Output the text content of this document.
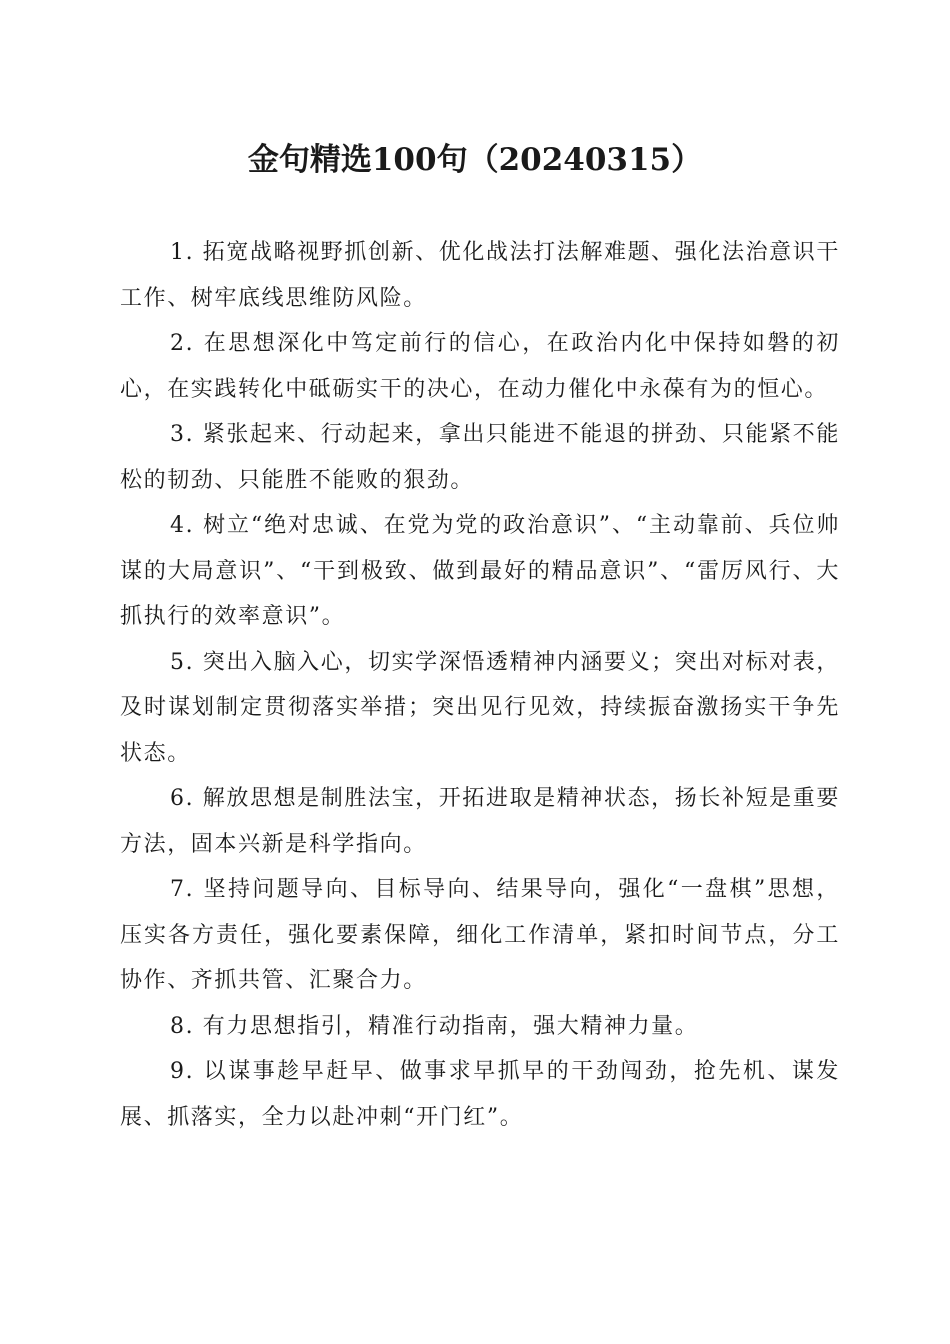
金句精选100句（20240315）

1. 拓宽战略视野抓创新、优化战法打法解难题、强化法治意识干工作、树牢底线思维防风险。

2. 在思想深化中笃定前行的信心，在政治内化中保持如磐的初心，在实践转化中砥砺实干的决心，在动力催化中永葆有为的恒心。

3. 紧张起来、行动起来，拿出只能进不能退的拼劲、只能紧不能松的韧劲、只能胜不能败的狠劲。

4. 树立“绝对忠诚、在党为党的政治意识”、“主动靠前、兵位帅谋的大局意识”、“干到极致、做到最好的精品意识”、“雷厉风行、大抓执行的效率意识”。

5. 突出入脑入心，切实学深悟透精神内涵要义；突出对标对表，及时谋划制定贯彻落实举措；突出见行见效，持续振奋激扬实干争先状态。

6. 解放思想是制胜法宝，开拓进取是精神状态，扬长补短是重要方法，固本兴新是科学指向。

7. 坚持问题导向、目标导向、结果导向，强化“一盘棋”思想，压实各方责任，强化要素保障，细化工作清单，紧扣时间节点，分工协作、齐抓共管、汇聚合力。

8. 有力思想指引，精准行动指南，强大精神力量。

9. 以谋事趁早赶早、做事求早抓早的干劲闯劲，抢先机、谋发展、抓落实，全力以赴冲刺“开门红”。
